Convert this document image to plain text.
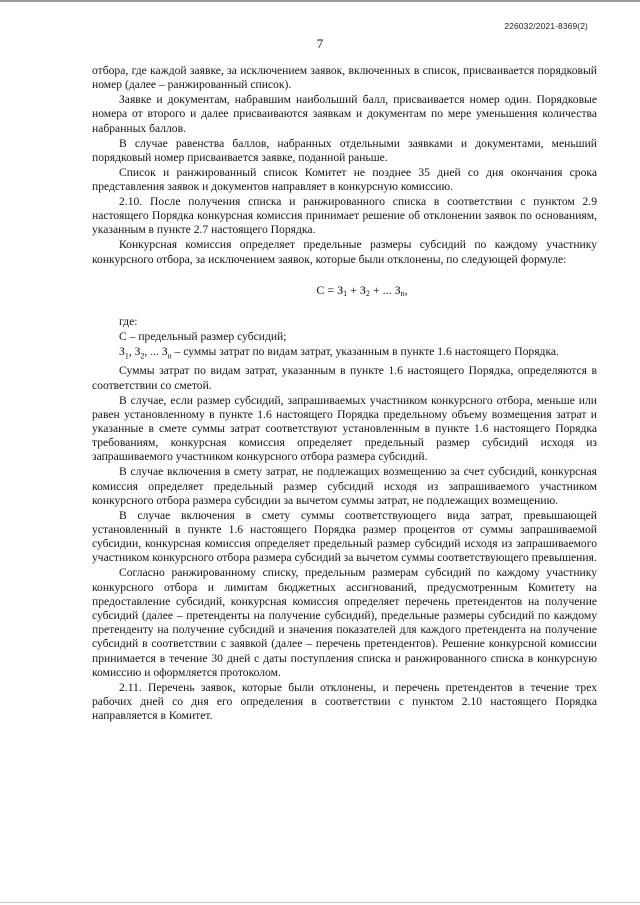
226032/2021-8369(2)
7

отбора, где каждой заявке, за исключением заявок, включенных в список, присваивается порядковый номер (далее – ранжированный список).

Заявке и документам, набравшим наибольший балл, присваивается номер один. Порядковые номера от второго и далее присваиваются заявкам и документам по мере уменьшения количества набранных баллов.

В случае равенства баллов, набранных отдельными заявками и документами, меньший порядковый номер присваивается заявке, поданной раньше.

Список и ранжированный список Комитет не позднее 35 дней со дня окончания срока представления заявок и документов направляет в конкурсную комиссию.

2.10. После получения списка и ранжированного списка в соответствии с пунктом 2.9 настоящего Порядка конкурсная комиссия принимает решение об отклонении заявок по основаниям, указанным в пункте 2.7 настоящего Порядка.

Конкурсная комиссия определяет предельные размеры субсидий по каждому участнику конкурсного отбора, за исключением заявок, которые были отклонены, по следующей формуле:

$С = З_1 + З_2$ + ... $З_n$,

где:

С – предельный размер субсидий;

$З_1$, $З_2$, ... $З_n$ – суммы затрат по видам затрат, указанным в пункте 1.6 настоящего Порядка.

Суммы затрат по видам затрат, указанным в пункте 1.6 настоящего Порядка, определяются в соответствии со сметой.

В случае, если размер субсидий, запрашиваемых участником конкурсного отбора, меньше или равен установленному в пункте 1.6 настоящего Порядка предельному объему возмещения затрат и указанные в смете суммы затрат соответствуют установленным в пункте 1.6 настоящего Порядка требованиям, конкурсная комиссия определяет предельный размер субсидий исходя из запрашиваемого участником конкурсного отбора размера субсидий.

В случае включения в смету затрат, не подлежащих возмещению за счет субсидий, конкурсная комиссия определяет предельный размер субсидий исходя из запрашиваемого участником конкурсного отбора размера субсидии за вычетом суммы затрат, не подлежащих возмещению.

В случае включения в смету суммы соответствующего вида затрат, превышающей установленный в пункте 1.6 настоящего Порядка размер процентов от суммы запрашиваемой субсидии, конкурсная комиссия определяет предельный размер субсидий исходя из запрашиваемого участником конкурсного отбора размера субсидий за вычетом суммы соответствующего превышения.

Согласно ранжированному списку, предельным размерам субсидий по каждому участнику конкурсного отбора и лимитам бюджетных ассигнований, предусмотренным Комитету на предоставление субсидий, конкурсная комиссия определяет перечень претендентов на получение субсидий (далее – претенденты на получение субсидий), предельные размеры субсидий по каждому претенденту на получение субсидий и значения показателей для каждого претендента на получение субсидий в соответствии с заявкой (далее – перечень претендентов). Решение конкурсной комиссии принимается в течение 30 дней с даты поступления списка и ранжированного списка в конкурсную комиссию и оформляется протоколом.

2.11. Перечень заявок, которые были отклонены, и перечень претендентов в течение трех рабочих дней со дня его определения в соответствии с пунктом 2.10 настоящего Порядка направляется в Комитет.
